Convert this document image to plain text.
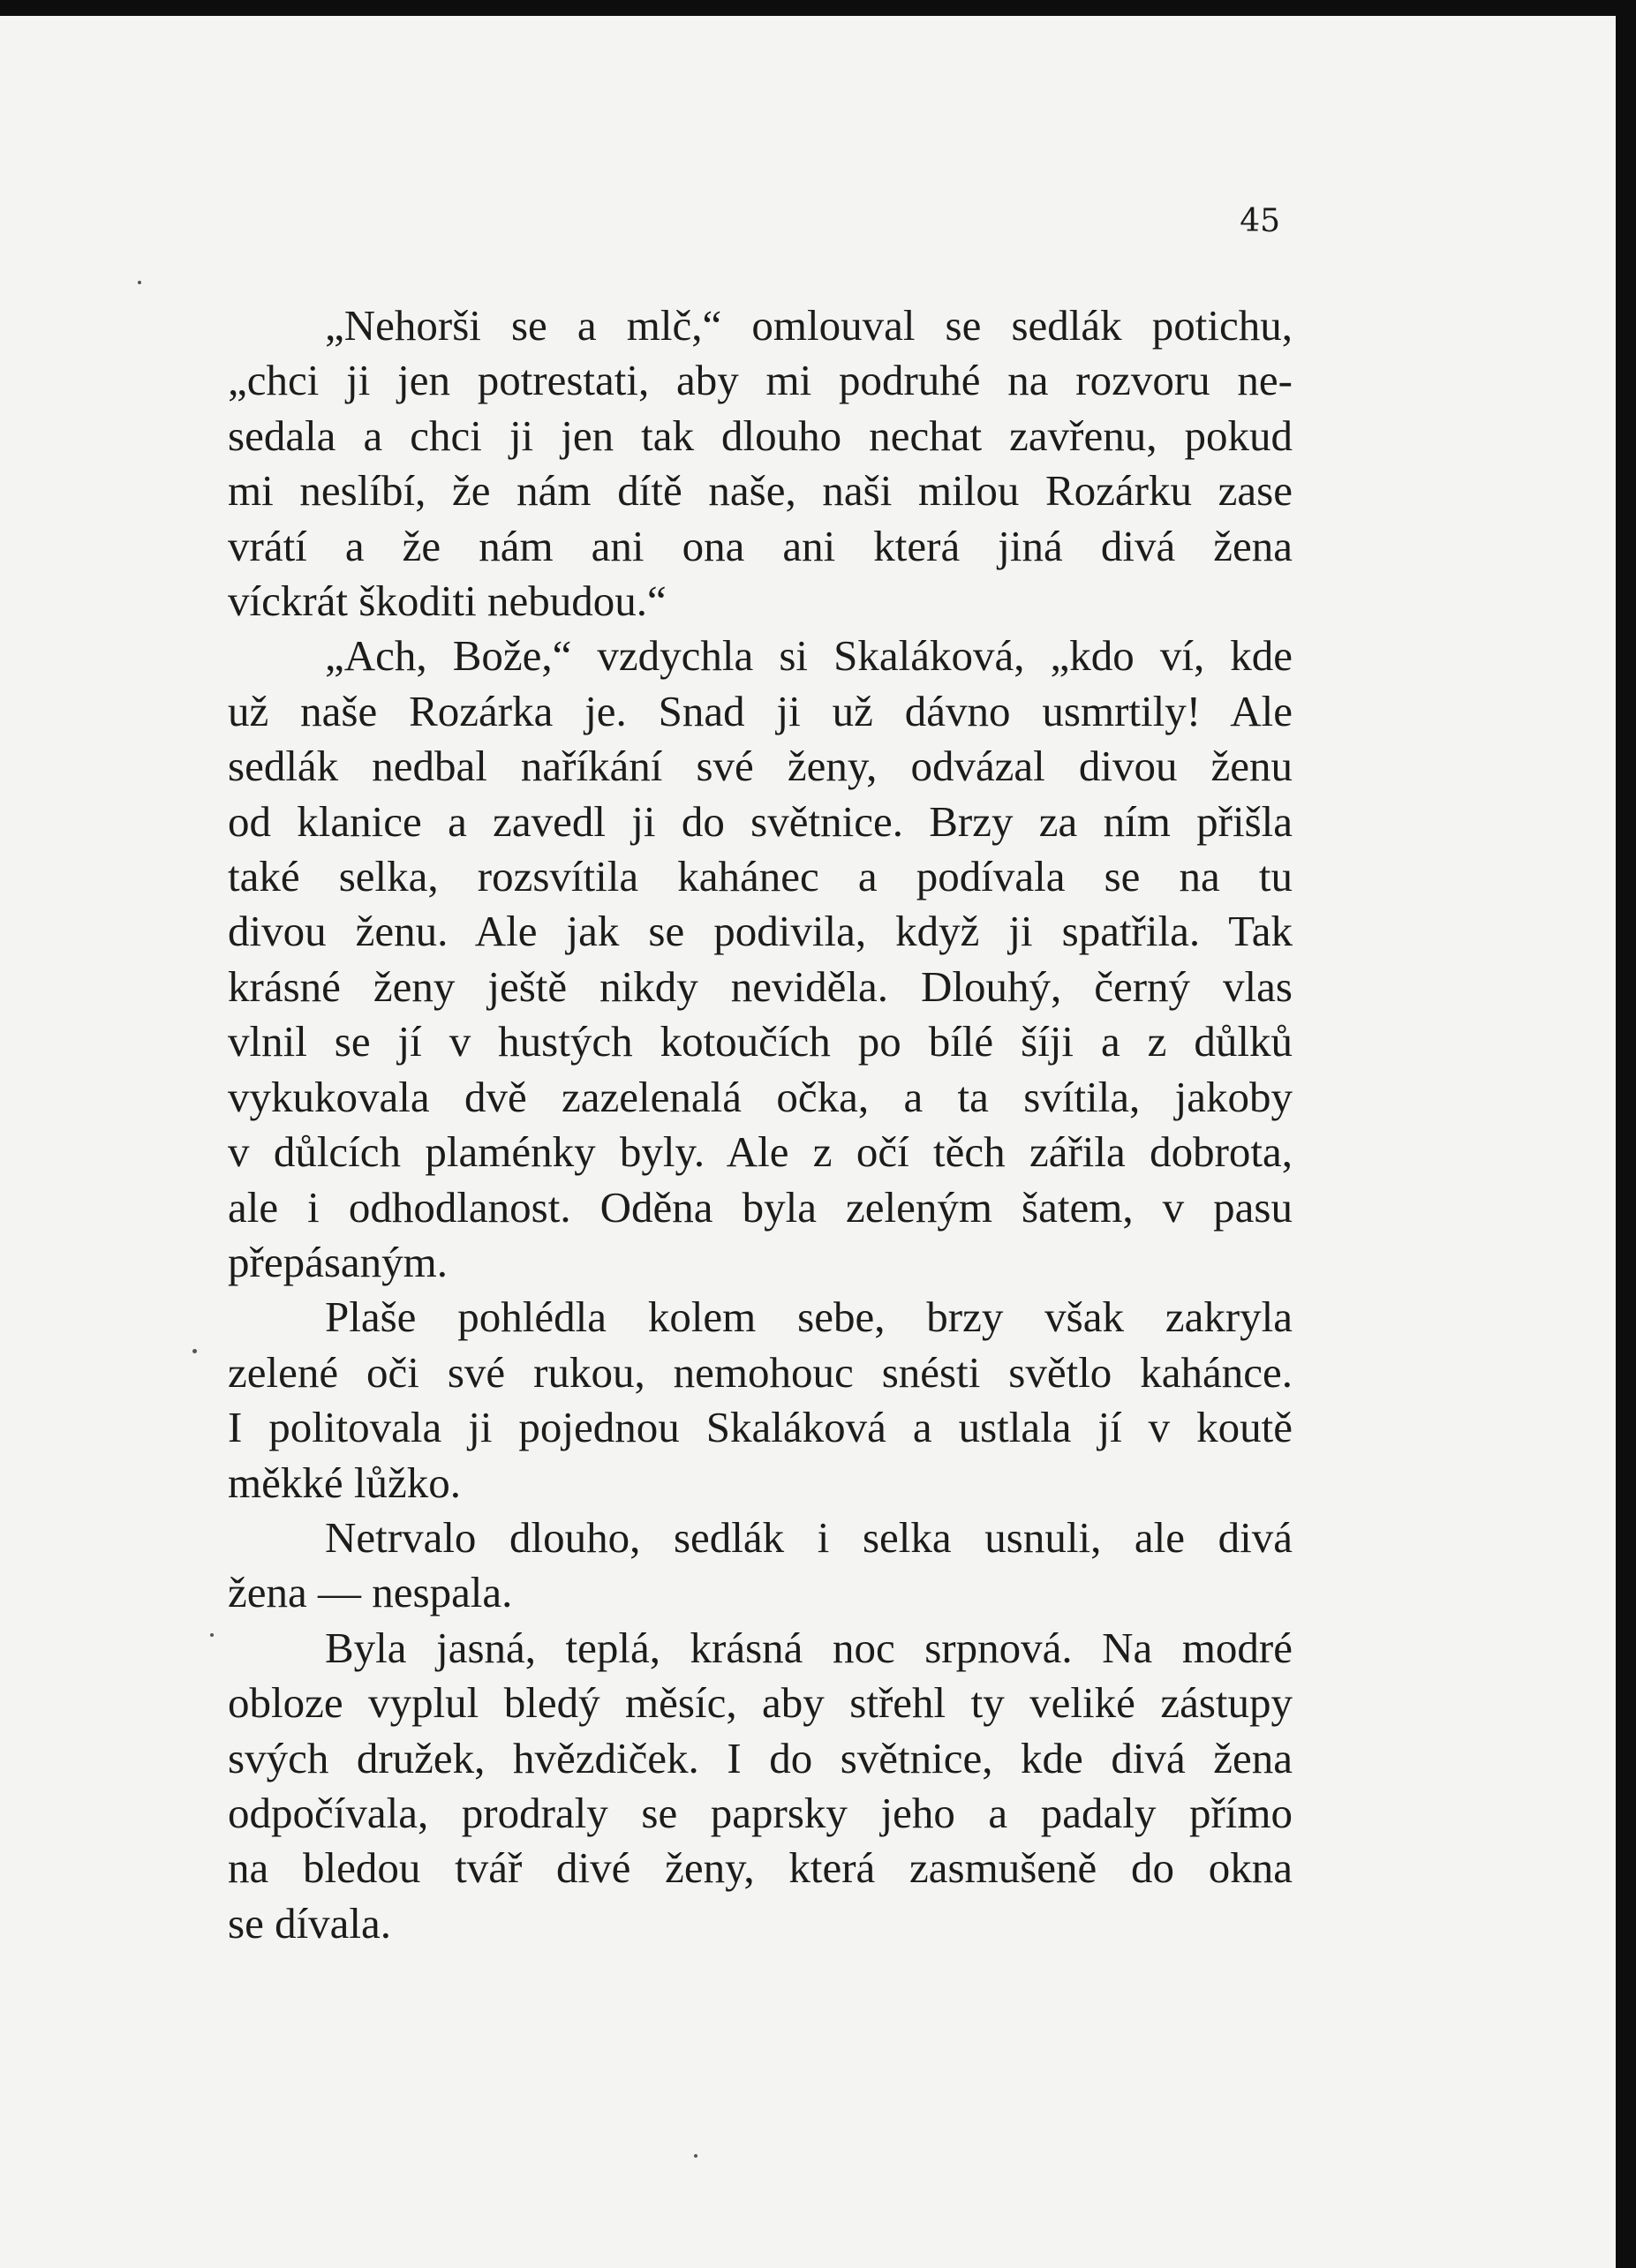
45
„Nehorši se a mlč,“ omlouval se sedlák potichu,
„chci ji jen potrestati, aby mi podruhé na rozvoru ne-
sedala a chci ji jen tak dlouho nechat zavřenu, pokud
mi neslíbí, že nám dítě naše, naši milou Rozárku zase
vrátí a že nám ani ona ani která jiná divá žena
víckrát škoditi nebudou.“
„Ach, Bože,“ vzdychla si Skaláková, „kdo ví, kde
už naše Rozárka je. Snad ji už dávno usmrtily! Ale
sedlák nedbal naříkání své ženy, odvázal divou ženu
od klanice a zavedl ji do světnice. Brzy za ním přišla
také selka, rozsvítila kahánec a podívala se na tu
divou ženu. Ale jak se podivila, když ji spatřila. Tak
krásné ženy ještě nikdy neviděla. Dlouhý, černý vlas
vlnil se jí v hustých kotoučích po bílé šíji a z důlků
vykukovala dvě zazelenalá očka, a ta svítila, jakoby
v důlcích plaménky byly. Ale z očí těch zářila dobrota,
ale i odhodlanost. Oděna byla zeleným šatem, v pasu
přepásaným.
Plaše pohlédla kolem sebe, brzy však zakryla
zelené oči své rukou, nemohouc snésti světlo kahánce.
I politovala ji pojednou Skaláková a ustlala jí v koutě
měkké lůžko.
Netrvalo dlouho, sedlák i selka usnuli, ale divá
žena — nespala.
Byla jasná, teplá, krásná noc srpnová. Na modré
obloze vyplul bledý měsíc, aby střehl ty veliké zástupy
svých družek, hvězdiček. I do světnice, kde divá žena
odpočívala, prodraly se paprsky jeho a padaly přímo
na bledou tvář divé ženy, která zasmušeně do okna
se dívala.
